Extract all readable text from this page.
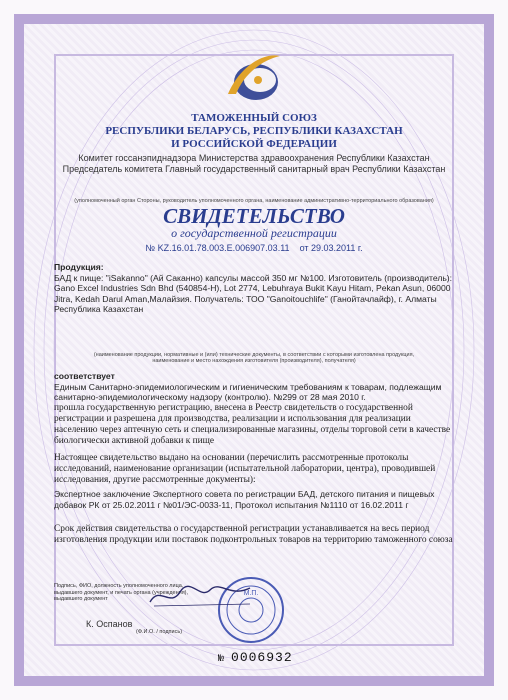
ТАМОЖЕННЫЙ СОЮЗ
РЕСПУБЛИКИ БЕЛАРУСЬ, РЕСПУБЛИКИ КАЗАХСТАН
И РОССИЙСКОЙ ФЕДЕРАЦИИ
Комитет госсанэпиднадзора Министерства здравоохранения Республики Казахстан
Председатель комитета Главный государственный санитарный врач Республики Казахстан
(уполномоченный орган Стороны, руководитель уполномоченного органа, наименование административно-территориального образования)
СВИДЕТЕЛЬСТВО
о государственной регистрации
№ KZ.16.01.78.003.Е.006907.03.11 от 29.03.2011 г.
Продукция:
БАД к пище: "iSakanno" (Ай Саканно) капсулы массой 350 мг №100. Изготовитель (производитель): Gano Excel Industries Sdn Bhd (540854-H), Lot 2774, Lebuhraya Bukit Kayu Hitam, Pekan Asun, 06000 Jitra, Kedah Darul Aman,Малайзия. Получатель: ТОО "Ganoitouchlife" (Ганойтачлайф), г. Алматы Республика Казахстан
(наименование продукции, нормативные и (или) технические документы, в соответствии с которыми изготовлена продукция, наименование и место нахождения изготовителя (производителя), получателя)
соответствует
Единым Санитарно-эпидемиологическим и гигиеническим требованиям к товарам, подлежащим санитарно-эпидемиологическому надзору (контролю). №299 от 28 мая 2010 г.
прошла государственную регистрацию, внесена в Реестр свидетельств о государственной регистрации и разрешена для производства, реализации и использования для реализации населению через аптечную сеть и специализированные магазины, отделы торговой сети в качестве биологически активной добавки к пище
Настоящее свидетельство выдано на основании (перечислить рассмотренные протоколы исследований, наименование организации (испытательной лаборатории, центра), проводившей исследования, другие рассмотренные документы):
Экспертное заключение Экспертного совета по регистрации БАД, детского питания и пищевых добавок РК от 25.02.2011 г №01/ЭС-0033-11, Протокол испытания №1110 от 16.02.2011 г
Срок действия свидетельства о государственной регистрации устанавливается на весь период изготовления продукции или поставок подконтрольных товаров на территорию таможенного союза
Подпись, ФИО, должность уполномоченного лица,
выдавшего документ, и печать органа (учреждения),
выдавшего документ
М.П.
К. Оспанов
(Ф.И.О. / подпись)
№ 0006932
